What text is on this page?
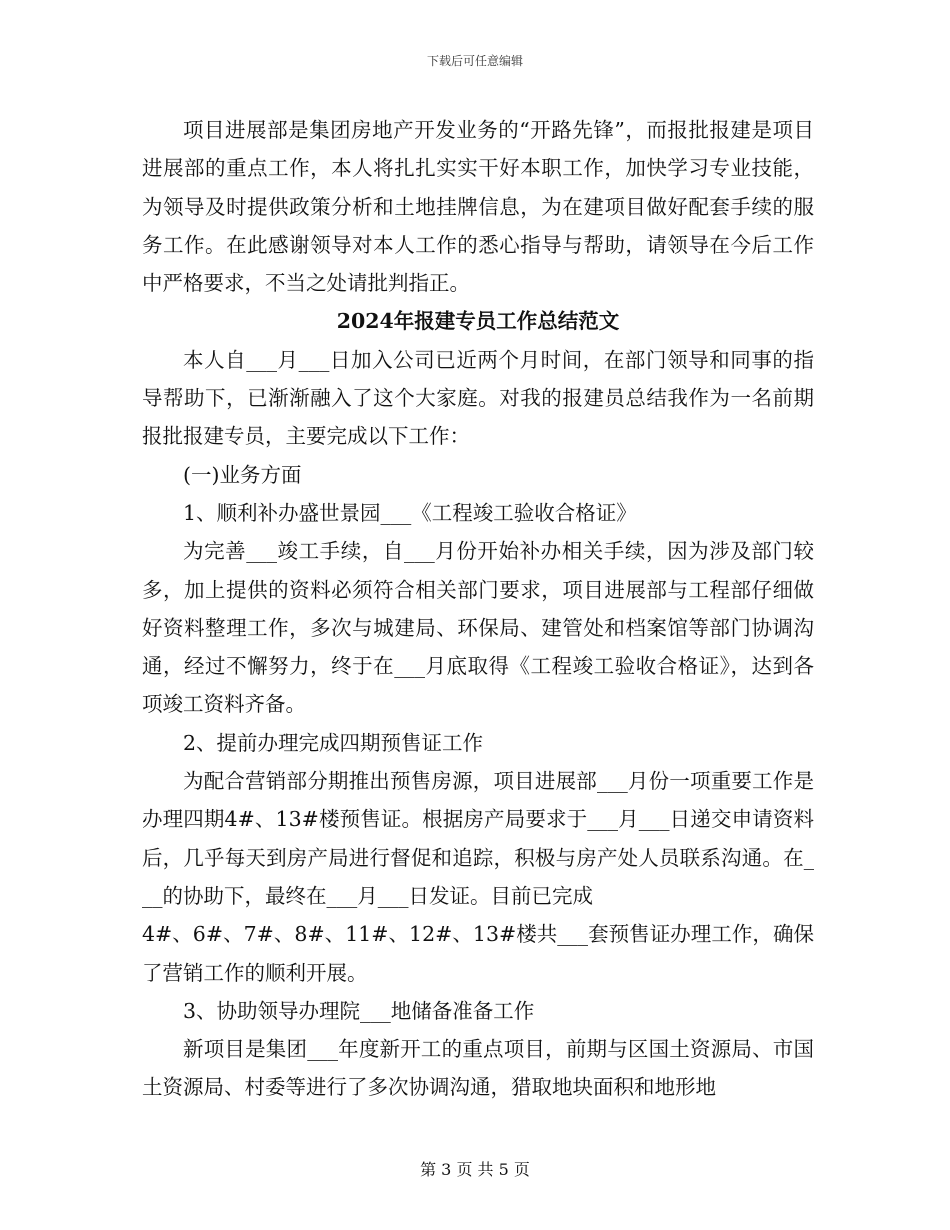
下载后可任意编辑

项目进展部是集团房地产开发业务的“开路先锋”，而报批报建是项目进展部的重点工作，本人将扎扎实实干好本职工作，加快学习专业技能，为领导及时提供政策分析和土地挂牌信息，为在建项目做好配套手续的服务工作。在此感谢领导对本人工作的悉心指导与帮助，请领导在今后工作中严格要求，不当之处请批判指正。

2024年报建专员工作总结范文

本人自___月___日加入公司已近两个月时间，在部门领导和同事的指导帮助下，已渐渐融入了这个大家庭。对我的报建员总结我作为一名前期报批报建专员，主要完成以下工作：

(一)业务方面

1、顺利补办盛世景园___《工程竣工验收合格证》

为完善___竣工手续，自___月份开始补办相关手续，因为涉及部门较多，加上提供的资料必须符合相关部门要求，项目进展部与工程部仔细做好资料整理工作，多次与城建局、环保局、建管处和档案馆等部门协调沟通，经过不懈努力，终于在___月底取得《工程竣工验收合格证》，达到各项竣工资料齐备。

2、提前办理完成四期预售证工作

为配合营销部分期推出预售房源，项目进展部___月份一项重要工作是办理四期4#、13#楼预售证。根据房产局要求于___月___日递交申请资料后，几乎每天到房产局进行督促和追踪，积极与房产处人员联系沟通。在___的协助下，最终在___月___日发证。目前已完成

4#、6#、7#、8#、11#、12#、13#楼共___套预售证办理工作，确保了营销工作的顺利开展。

3、协助领导办理院___地储备准备工作

新项目是集团___年度新开工的重点项目，前期与区国土资源局、市国土资源局、村委等进行了多次协调沟通，猎取地块面积和地形地

第 3 页 共 5 页
